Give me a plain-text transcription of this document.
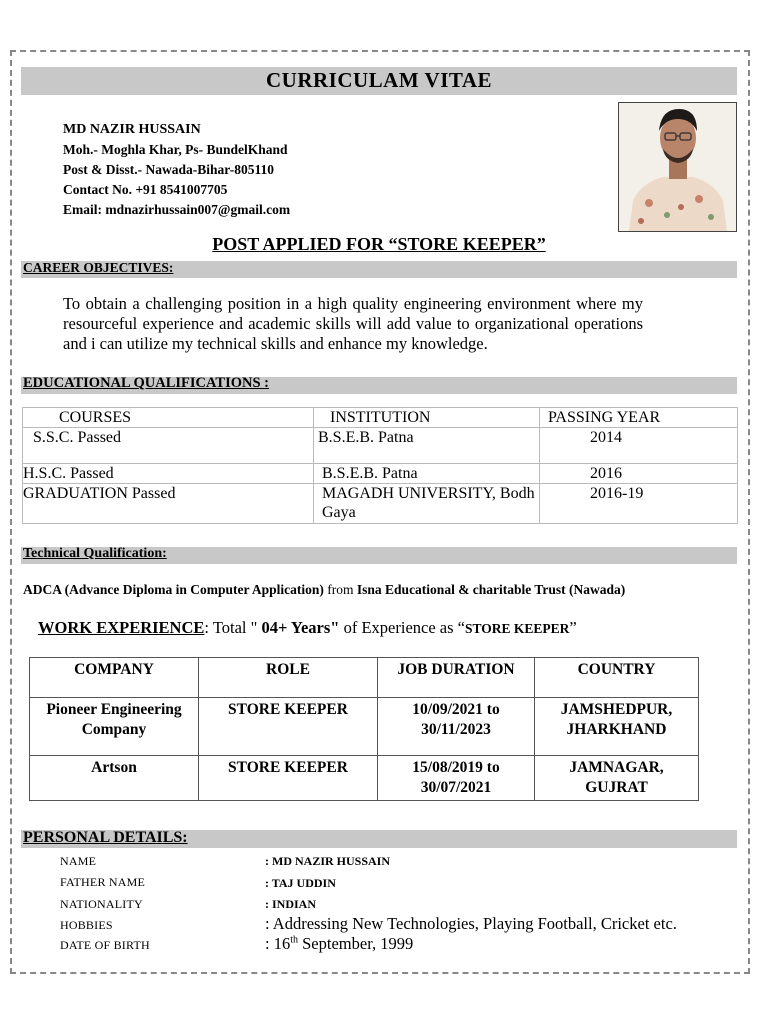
CURRICULAM VITAE
MD NAZIR HUSSAIN
Moh.- Moghla Khar, Ps- BundelKhand
Post & Disst.- Nawada-Bihar-805110
Contact No. +91 8541007705
Email: mdnazirhussain007@gmail.com
POST APPLIED FOR “STORE KEEPER”
CAREER OBJECTIVES:
To obtain a challenging position in a high quality engineering environment where my resourceful experience and academic skills will add value to organizational operations and i can utilize my technical skills and enhance my knowledge.
EDUCATIONAL QUALIFICATIONS :
COURSES	INSTITUTION	PASSING YEAR
S.S.C. Passed	B.S.E.B. Patna	2014
H.S.C. Passed	B.S.E.B. Patna	2016
GRADUATION Passed	MAGADH UNIVERSITY, Bodh Gaya	2016-19
Technical Qualification:
ADCA (Advance Diploma in Computer Application) from Isna Educational & charitable Trust (Nawada)
WORK EXPERIENCE: Total " 04+ Years" of Experience as “STORE KEEPER”
COMPANY	ROLE	JOB DURATION	COUNTRY
Pioneer Engineering Company	STORE KEEPER	10/09/2021 to 30/11/2023	JAMSHEDPUR, JHARKHAND
Artson	STORE KEEPER	15/08/2019 to 30/07/2021	JAMNAGAR, GUJRAT
PERSONAL DETAILS:
NAME	: MD NAZIR HUSSAIN
FATHER NAME	: TAJ UDDIN
NATIONALITY	: INDIAN
HOBBIES	: Addressing New Technologies, Playing Football, Cricket etc.
DATE OF BIRTH	: 16th September, 1999
